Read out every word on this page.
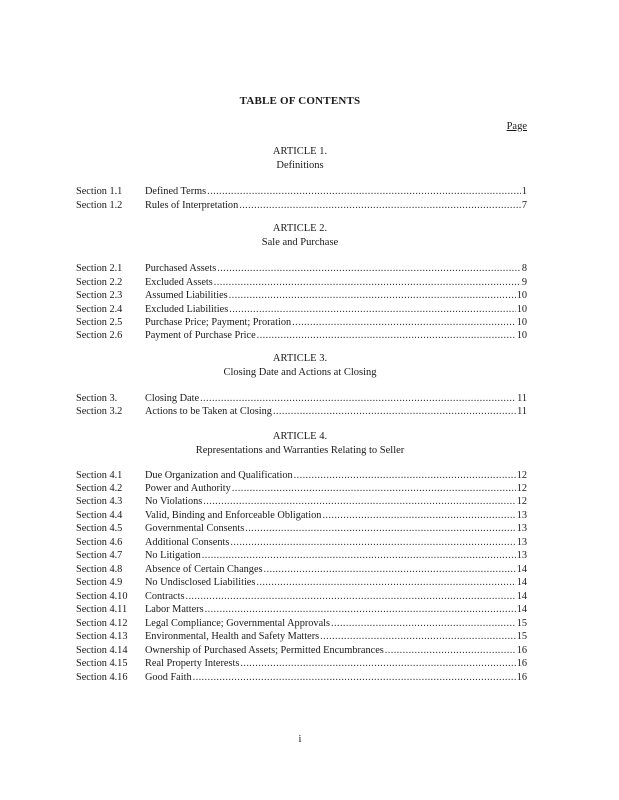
TABLE OF CONTENTS
Page
ARTICLE 1.
Definitions
Section 1.1	Defined Terms .....	1
Section 1.2	Rules of Interpretation .....	7
ARTICLE 2.
Sale and Purchase
Section 2.1	Purchased Assets .....	8
Section 2.2	Excluded Assets .....	9
Section 2.3	Assumed Liabilities .....	10
Section 2.4	Excluded Liabilities .....	10
Section 2.5	Purchase Price; Payment; Proration .....	10
Section 2.6	Payment of Purchase Price .....	10
ARTICLE 3.
Closing Date and Actions at Closing
Section 3.	Closing Date .....	11
Section 3.2	Actions to be Taken at Closing .....	11
ARTICLE 4.
Representations and Warranties Relating to Seller
Section 4.1	Due Organization and Qualification .....	12
Section 4.2	Power and Authority .....	12
Section 4.3	No Violations .....	12
Section 4.4	Valid, Binding and Enforceable Obligation .....	13
Section 4.5	Governmental Consents .....	13
Section 4.6	Additional Consents .....	13
Section 4.7	No Litigation .....	13
Section 4.8	Absence of Certain Changes .....	14
Section 4.9	No Undisclosed Liabilities .....	14
Section 4.10	Contracts .....	14
Section 4.11	Labor Matters .....	14
Section 4.12	Legal Compliance; Governmental Approvals .....	15
Section 4.13	Environmental, Health and Safety Matters .....	15
Section 4.14	Ownership of Purchased Assets; Permitted Encumbrances .....	16
Section 4.15	Real Property Interests .....	16
Section 4.16	Good Faith .....	16
i
